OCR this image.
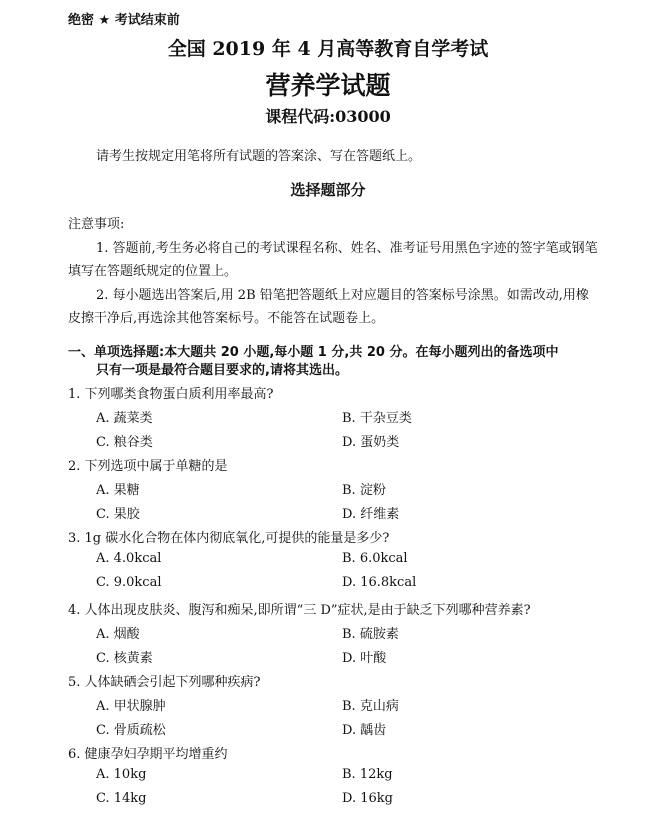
绝密 ★ 考试结束前
全国 2019 年 4 月高等教育自学考试
营养学试题
课程代码:03000
请考生按规定用笔将所有试题的答案涂、写在答题纸上。
选择题部分
注意事项:
1. 答题前,考生务必将自己的考试课程名称、姓名、准考证号用黑色字迹的签字笔或钢笔
填写在答题纸规定的位置上。
2. 每小题选出答案后,用 2B 铅笔把答题纸上对应题目的答案标号涂黑。如需改动,用橡
皮擦干净后,再选涂其他答案标号。不能答在试题卷上。
一、单项选择题:本大题共 20 小题,每小题 1 分,共 20 分。在每小题列出的备选项中
只有一项是最符合题目要求的,请将其选出。
1. 下列哪类食物蛋白质利用率最高?
A. 蔬菜类	B. 干杂豆类
C. 粮谷类	D. 蛋奶类
2. 下列选项中属于单糖的是
A. 果糖	B. 淀粉
C. 果胶	D. 纤维素
3. 1g 碳水化合物在体内彻底氧化,可提供的能量是多少?
A. 4.0kcal	B. 6.0kcal
C. 9.0kcal	D. 16.8kcal
4. 人体出现皮肤炎、腹泻和痴呆,即所谓“三 D”症状,是由于缺乏下列哪种营养素?
A. 烟酸	B. 硫胺素
C. 核黄素	D. 叶酸
5. 人体缺硒会引起下列哪种疾病?
A. 甲状腺肿	B. 克山病
C. 骨质疏松	D. 龋齿
6. 健康孕妇孕期平均增重约
A. 10kg	B. 12kg
C. 14kg	D. 16kg
